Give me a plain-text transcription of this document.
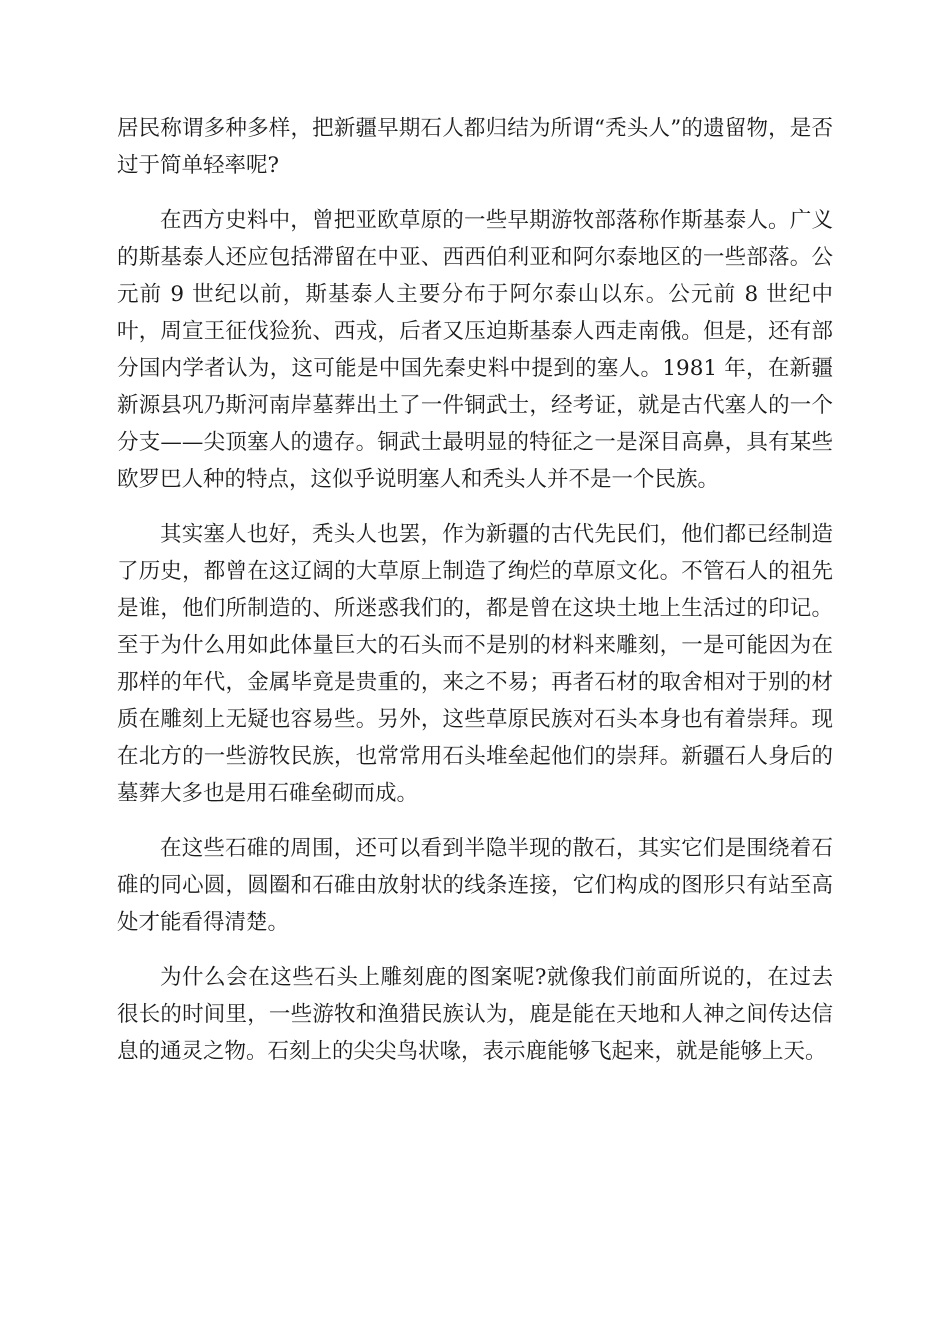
居民称谓多种多样，把新疆早期石人都归结为所谓“秃头人”的遗留物，是否过于简单轻率呢?

在西方史料中，曾把亚欧草原的一些早期游牧部落称作斯基泰人。广义的斯基泰人还应包括滞留在中亚、西西伯利亚和阿尔泰地区的一些部落。公元前 9 世纪以前，斯基泰人主要分布于阿尔泰山以东。公元前 8 世纪中叶，周宣王征伐猃狁、西戎，后者又压迫斯基泰人西走南俄。但是，还有部分国内学者认为，这可能是中国先秦史料中提到的塞人。1981 年，在新疆新源县巩乃斯河南岸墓葬出土了一件铜武士，经考证，就是古代塞人的一个分支——尖顶塞人的遗存。铜武士最明显的特征之一是深目高鼻，具有某些欧罗巴人种的特点，这似乎说明塞人和秃头人并不是一个民族。

其实塞人也好，秃头人也罢，作为新疆的古代先民们，他们都已经制造了历史，都曾在这辽阔的大草原上制造了绚烂的草原文化。不管石人的祖先是谁，他们所制造的、所迷惑我们的，都是曾在这块土地上生活过的印记。至于为什么用如此体量巨大的石头而不是别的材料来雕刻，一是可能因为在那样的年代，金属毕竟是贵重的，来之不易；再者石材的取舍相对于别的材质在雕刻上无疑也容易些。另外，这些草原民族对石头本身也有着崇拜。现在北方的一些游牧民族，也常常用石头堆垒起他们的崇拜。新疆石人身后的墓葬大多也是用石碓垒砌而成。

在这些石碓的周围，还可以看到半隐半现的散石，其实它们是围绕着石碓的同心圆，圆圈和石碓由放射状的线条连接，它们构成的图形只有站至高处才能看得清楚。

为什么会在这些石头上雕刻鹿的图案呢?就像我们前面所说的，在过去很长的时间里，一些游牧和渔猎民族认为，鹿是能在天地和人神之间传达信息的通灵之物。石刻上的尖尖鸟状喙，表示鹿能够飞起来，就是能够上天。
